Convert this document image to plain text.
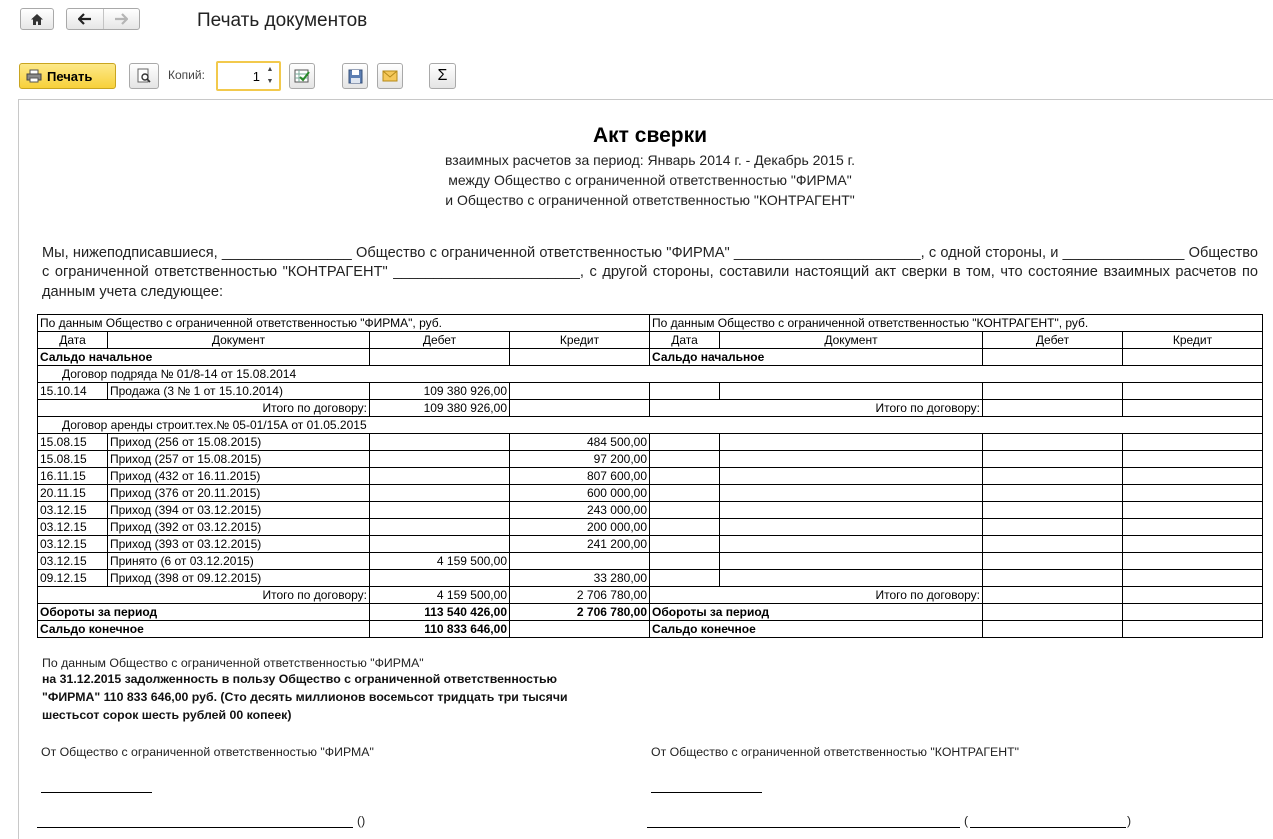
Печать документов
Печать	Копий:
1	▲
▼	Σ
Акт сверки
взаимных расчетов за период: Январь 2014 г. - Декабрь 2015 г.
между Общество с ограниченной ответственностью "ФИРМА"
и Общество с ограниченной ответственностью "КОНТРАГЕНТ"
Мы, нижеподписавшиеся, ________________ Общество с ограниченной ответственностью "ФИРМА" _______________________, с одной стороны, и _______________ Общество с ограниченной ответственностью "КОНТРАГЕНТ" _______________________, с другой стороны, составили настоящий акт сверки в том, что состояние взаимных расчетов по данным учета следующее:
По данным Общество с ограниченной ответственностью "ФИРМА", руб.				По данным Общество с ограниченной ответственностью "КОНТРАГЕНТ", руб.			
Дата	Документ	Дебет	Кредит	Дата	Документ	Дебет	Кредит
Сальдо начальное				Сальдо начальное			
Договор подряда № 01/8-14 от 15.08.2014							
15.10.14	Продажа (3 № 1 от 15.10.2014)	109 380 926,00					
Итого по договору:		109 380 926,00		Итого по договору:			
Договор аренды строит.тех.№ 05-01/15А от 01.05.2015							
15.08.15	Приход (256 от 15.08.2015)		484 500,00				
15.08.15	Приход (257 от 15.08.2015)		97 200,00				
16.11.15	Приход (432 от 16.11.2015)		807 600,00				
20.11.15	Приход (376 от 20.11.2015)		600 000,00				
03.12.15	Приход (394 от 03.12.2015)		243 000,00				
03.12.15	Приход (392 от 03.12.2015)		200 000,00				
03.12.15	Приход (393 от 03.12.2015)		241 200,00				
03.12.15	Принято (6 от 03.12.2015)	4 159 500,00					
09.12.15	Приход (398 от 09.12.2015)		33 280,00				
Итого по договору:		4 159 500,00	2 706 780,00	Итого по договору:			
Обороты за период		113 540 426,00	2 706 780,00	Обороты за период			
Сальдо конечное		110 833 646,00		Сальдо конечное			
По данным Общество с ограниченной ответственностью "ФИРМА"
на 31.12.2015 задолженность в пользу Общество с ограниченной ответственностью
"ФИРМА" 110 833 646,00 руб. (Сто десять миллионов восемьсот тридцать три тысячи
шестьсот сорок шесть рублей 00 копеек)
От Общество с ограниченной ответственностью "ФИРМА"	От Общество с ограниченной ответственностью "КОНТРАГЕНТ"
()	(	)
